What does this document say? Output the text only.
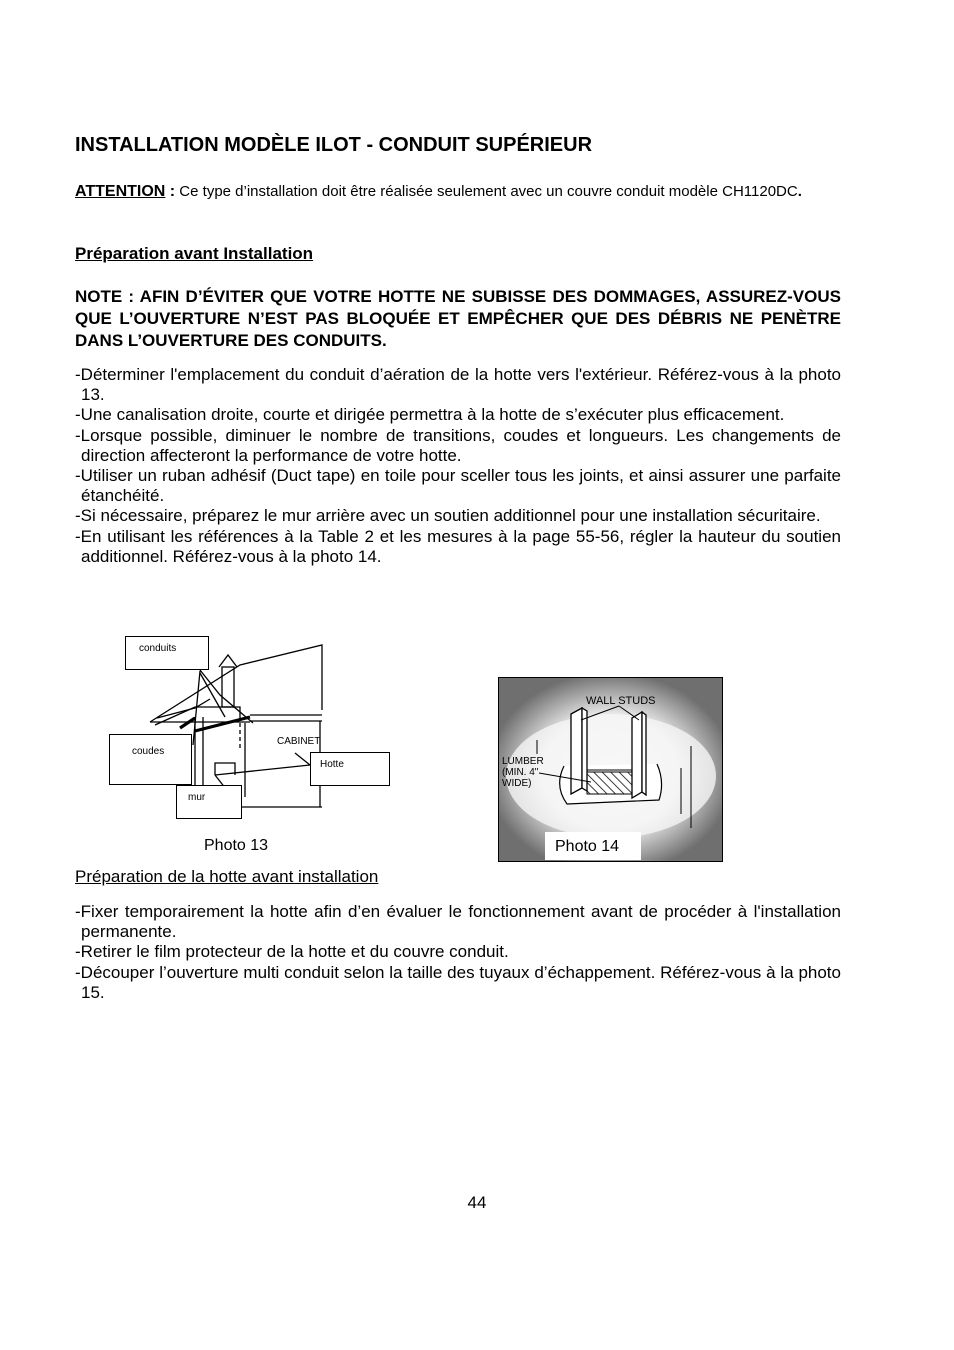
INSTALLATION MODÈLE ILOT - CONDUIT SUPÉRIEUR
ATTENTION : Ce type d’installation doit être réalisée seulement avec un couvre conduit modèle CH1120DC.
Préparation avant Installation
NOTE : AFIN D’ÉVITER QUE VOTRE HOTTE NE SUBISSE DES DOMMAGES, ASSUREZ-VOUS QUE L’OUVERTURE N’EST PAS BLOQUÉE ET EMPÊCHER QUE DES DÉBRIS NE PENÈTRE DANS L’OUVERTURE DES CONDUITS.
-Déterminer l'emplacement du conduit d’aération de la hotte vers l'extérieur. Référez-vous à la photo 13.
-Une canalisation droite, courte et dirigée permettra à la hotte de s’exécuter plus efficacement.
-Lorsque possible, diminuer le nombre de transitions, coudes et longueurs. Les changements de direction affecteront la performance de votre hotte.
-Utiliser un ruban adhésif (Duct tape) en toile pour sceller tous les joints, et ainsi assurer une parfaite étanchéité.
-Si nécessaire, préparez le mur arrière avec un soutien additionnel pour une installation sécuritaire.
-En utilisant les références à la Table 2 et les mesures à la page 55-56, régler la hauteur du soutien additionnel. Référez-vous à la photo 14.
CABINET
conduits
coudes
Hotte
mur
Photo 13
WALL STUDS
LUMBER
(MIN. 4"
WIDE)
Photo 14
Préparation de la hotte avant installation
-Fixer temporairement la hotte afin d’en évaluer le fonctionnement avant de procéder à l'installation permanente.
-Retirer le film protecteur de la hotte et du couvre conduit.
-Découper l’ouverture multi conduit selon la taille des tuyaux d’échappement. Référez-vous à la photo 15.
44
